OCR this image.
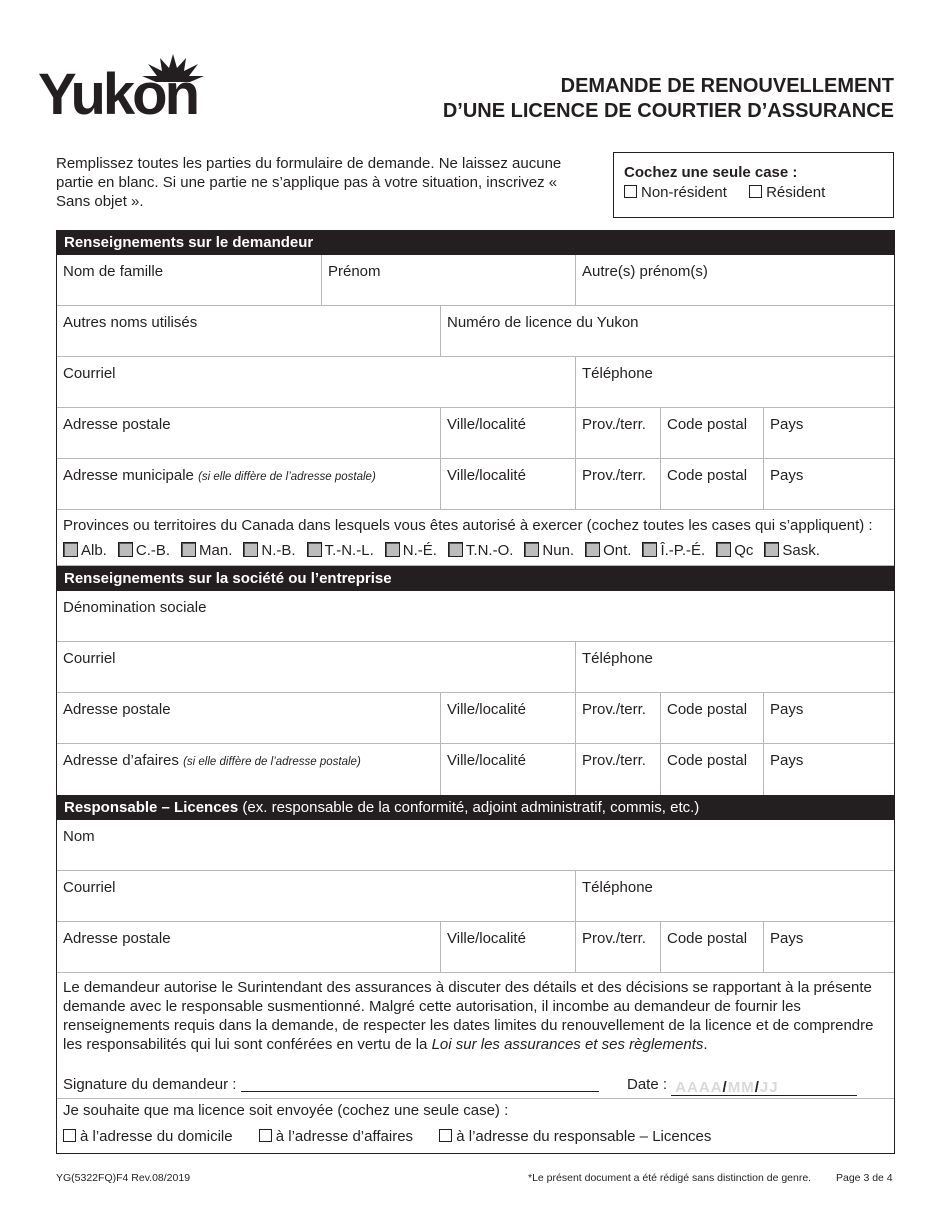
Yukon	DEMANDE DE RENOUVELLEMENT
D’UNE LICENCE DE COURTIER D’ASSURANCE
Remplissez toutes les parties du formulaire de demande. Ne laissez aucune partie en blanc. Si une partie ne s’applique pas à votre situation, inscrivez « Sans objet ».
Cochez une seule case :
Non-résident	Résident
Renseignements sur le demandeur
Nom de famille	Prénom	Autre(s) prénom(s)
Autres noms utilisés	Numéro de licence du Yukon
Courriel	Téléphone
Adresse postale	Ville/localité	Prov./terr.	Code postal	Pays
Adresse municipale (si elle diffère de l’adresse postale)	Ville/localité	Prov./terr.	Code postal	Pays
Provinces ou territoires du Canada dans lesquels vous êtes autorisé à exercer (cochez toutes les cases qui s’appliquent) :
Alb.	C.-B.	Man.	N.-B.	T.-N.-L.	N.-É.	T.N.-O.	Nun.	Ont.	Î.-P.-É.	Qc	Sask.
Renseignements sur la société ou l’entreprise
Dénomination sociale
Courriel	Téléphone
Adresse postale	Ville/localité	Prov./terr.	Code postal	Pays
Adresse d’afaires (si elle diffère de l’adresse postale)	Ville/localité	Prov./terr.	Code postal	Pays
Responsable – Licences (ex. responsable de la conformité, adjoint administratif, commis, etc.)
Nom
Courriel	Téléphone
Adresse postale	Ville/localité	Prov./terr.	Code postal	Pays
Le demandeur autorise le Surintendant des assurances à discuter des détails et des décisions se rapportant à la présente demande avec le responsable susmentionné. Malgré cette autorisation, il incombe au demandeur de fournir les renseignements requis dans la demande, de respecter les dates limites du renouvellement de la licence et de comprendre les responsabilités qui lui sont conférées en vertu de la Loi sur les assurances et ses règlements.
Signature du demandeur :	Date : AAAA/MM/JJ
Je souhaite que ma licence soit envoyée (cochez une seule case) :
à l’adresse du domicile	à l’adresse d’affaires	à l’adresse du responsable – Licences
YG(5322FQ)F4 Rev.08/2019	*Le présent document a été rédigé sans distinction de genre. Page 3 de 4
